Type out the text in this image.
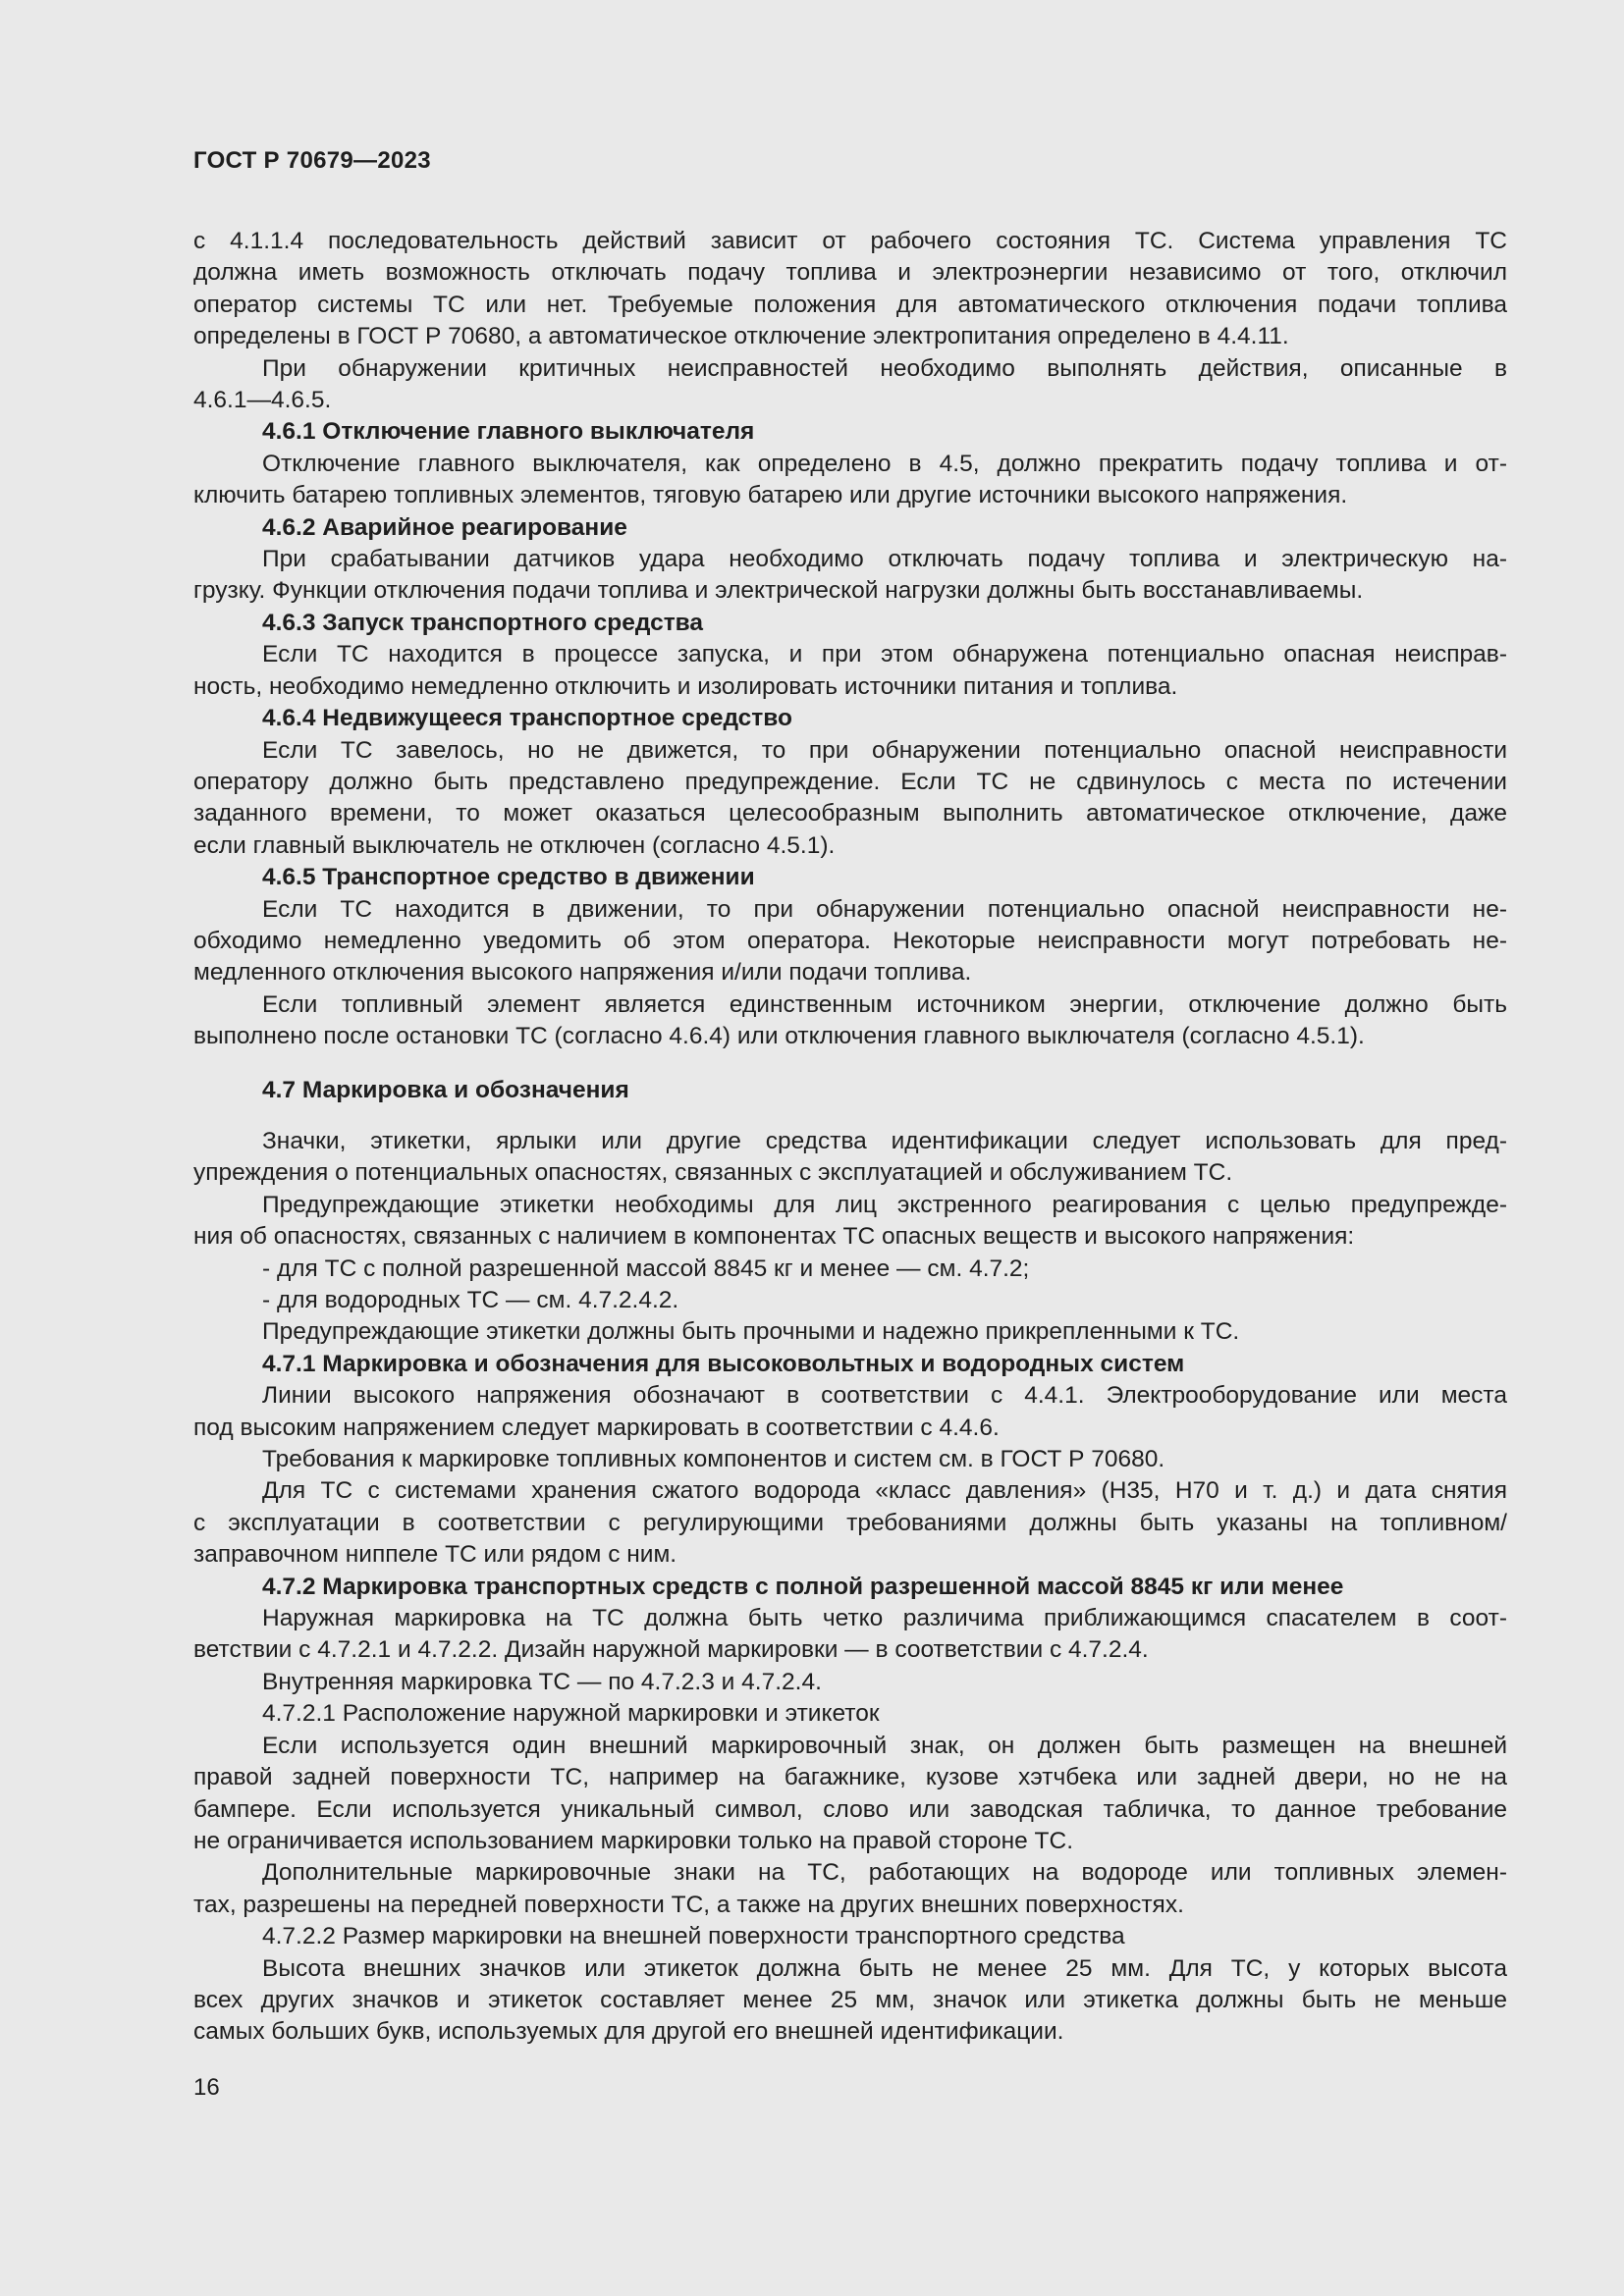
ГОСТ Р 70679—2023

с 4.1.1.4 последовательность действий зависит от рабочего состояния ТС. Система управления ТС

должна иметь возможность отключать подачу топлива и электроэнергии независимо от того, отключил

оператор системы ТС или нет. Требуемые положения для автоматического отключения подачи топлива

определены в ГОСТ Р 70680, а автоматическое отключение электропитания определено в 4.4.11.

При обнаружении критичных неисправностей необходимо выполнять действия, описанные в

4.6.1—4.6.5.

4.6.1 Отключение главного выключателя

Отключение главного выключателя, как определено в 4.5, должно прекратить подачу топлива и от-

ключить батарею топливных элементов, тяговую батарею или другие источники высокого напряжения.

4.6.2 Аварийное реагирование

При срабатывании датчиков удара необходимо отключать подачу топлива и электрическую на-

грузку. Функции отключения подачи топлива и электрической нагрузки должны быть восстанавливаемы.

4.6.3 Запуск транспортного средства

Если ТС находится в процессе запуска, и при этом обнаружена потенциально опасная неисправ-

ность, необходимо немедленно отключить и изолировать источники питания и топлива.

4.6.4 Недвижущееся транспортное средство

Если ТС завелось, но не движется, то при обнаружении потенциально опасной неисправности

оператору должно быть представлено предупреждение. Если ТС не сдвинулось с места по истечении

заданного времени, то может оказаться целесообразным выполнить автоматическое отключение, даже

если главный выключатель не отключен (согласно 4.5.1).

4.6.5 Транспортное средство в движении

Если ТС находится в движении, то при обнаружении потенциально опасной неисправности не-

обходимо немедленно уведомить об этом оператора. Некоторые неисправности могут потребовать не-

медленного отключения высокого напряжения и/или подачи топлива.

Если топливный элемент является единственным источником энергии, отключение должно быть

выполнено после остановки ТС (согласно 4.6.4) или отключения главного выключателя (согласно 4.5.1).

4.7 Маркировка и обозначения

Значки, этикетки, ярлыки или другие средства идентификации следует использовать для пред-

упреждения о потенциальных опасностях, связанных с эксплуатацией и обслуживанием ТС.

Предупреждающие этикетки необходимы для лиц экстренного реагирования с целью предупрежде-

ния об опасностях, связанных с наличием в компонентах ТС опасных веществ и высокого напряжения:

- для ТС с полной разрешенной массой 8845 кг и менее — см. 4.7.2;

- для водородных ТС — см. 4.7.2.4.2.

Предупреждающие этикетки должны быть прочными и надежно прикрепленными к ТС.

4.7.1 Маркировка и обозначения для высоковольтных и водородных систем

Линии высокого напряжения обозначают в соответствии с 4.4.1. Электрооборудование или места

под высоким напряжением следует маркировать в соответствии с 4.4.6.

Требования к маркировке топливных компонентов и систем см. в ГОСТ Р 70680.

Для ТС с системами хранения сжатого водорода «класс давления» (Н35, Н70 и т. д.) и дата снятия

с эксплуатации в соответствии с регулирующими требованиями должны быть указаны на топливном/

заправочном ниппеле ТС или рядом с ним.

4.7.2 Маркировка транспортных средств с полной разрешенной массой 8845 кг или менее

Наружная маркировка на ТС должна быть четко различима приближающимся спасателем в соот-

ветствии с 4.7.2.1 и 4.7.2.2. Дизайн наружной маркировки — в соответствии с 4.7.2.4.

Внутренняя маркировка ТС — по 4.7.2.3 и 4.7.2.4.

4.7.2.1 Расположение наружной маркировки и этикеток

Если используется один внешний маркировочный знак, он должен быть размещен на внешней

правой задней поверхности ТС, например на багажнике, кузове хэтчбека или задней двери, но не на

бампере. Если используется уникальный символ, слово или заводская табличка, то данное требование

не ограничивается использованием маркировки только на правой стороне ТС.

Дополнительные маркировочные знаки на ТС, работающих на водороде или топливных элемен-

тах, разрешены на передней поверхности ТС, а также на других внешних поверхностях.

4.7.2.2 Размер маркировки на внешней поверхности транспортного средства

Высота внешних значков или этикеток должна быть не менее 25 мм. Для ТС, у которых высота

всех других значков и этикеток составляет менее 25 мм, значок или этикетка должны быть не меньше

самых больших букв, используемых для другой его внешней идентификации.

16
